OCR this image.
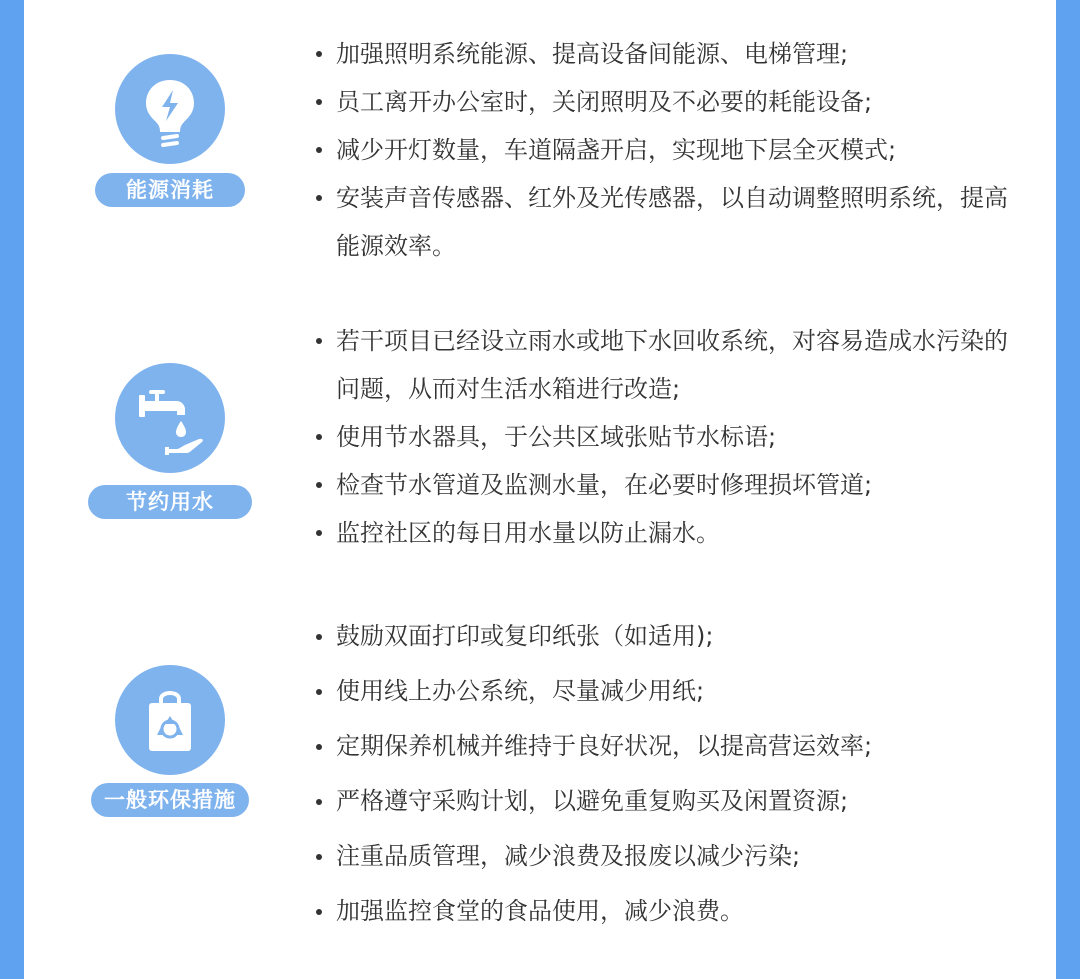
能源消耗
加强照明系统能源、提高设备间能源、电梯管理;
员工离开办公室时，关闭照明及不必要的耗能设备;
减少开灯数量，车道隔盏开启，实现地下层全灭模式;
安装声音传感器、红外及光传感器，以自动调整照明系统，提高能源效率。
节约用水
若干项目已经设立雨水或地下水回收系统，对容易造成水污染的问题，从而对生活水箱进行改造;
使用节水器具，于公共区域张贴节水标语;
检查节水管道及监测水量，在必要时修理损坏管道;
监控社区的每日用水量以防止漏水。
一般环保措施
鼓励双面打印或复印纸张（如适用);
使用线上办公系统，尽量减少用纸;
定期保养机械并维持于良好状况，以提高营运效率;
严格遵守采购计划，以避免重复购买及闲置资源;
注重品质管理，减少浪费及报废以减少污染;
加强监控食堂的食品使用，减少浪费。
